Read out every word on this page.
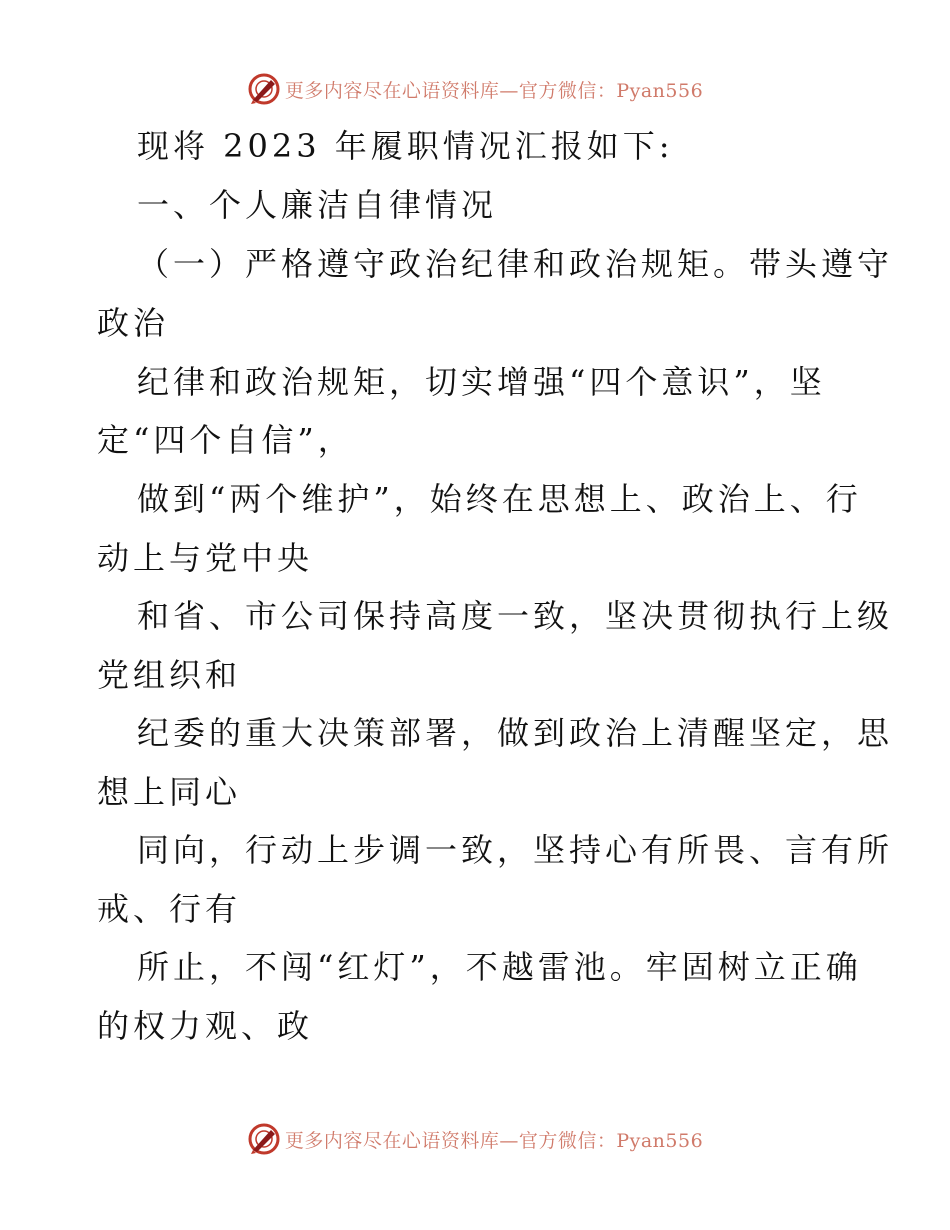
更多内容尽在心语资料库—官方微信：Pyan556
现将 2023 年履职情况汇报如下:
一、个人廉洁自律情况
（一）严格遵守政治纪律和政治规矩。带头遵守
政治
纪律和政治规矩，切实增强“四个意识”，坚
定“四个自信”，
做到“两个维护”，始终在思想上、政治上、行
动上与党中央
和省、市公司保持高度一致，坚决贯彻执行上级
党组织和
纪委的重大决策部署，做到政治上清醒坚定，思
想上同心
同向，行动上步调一致，坚持心有所畏、言有所
戒、行有
所止，不闯“红灯”，不越雷池。牢固树立正确
的权力观、政
更多内容尽在心语资料库—官方微信：Pyan556
